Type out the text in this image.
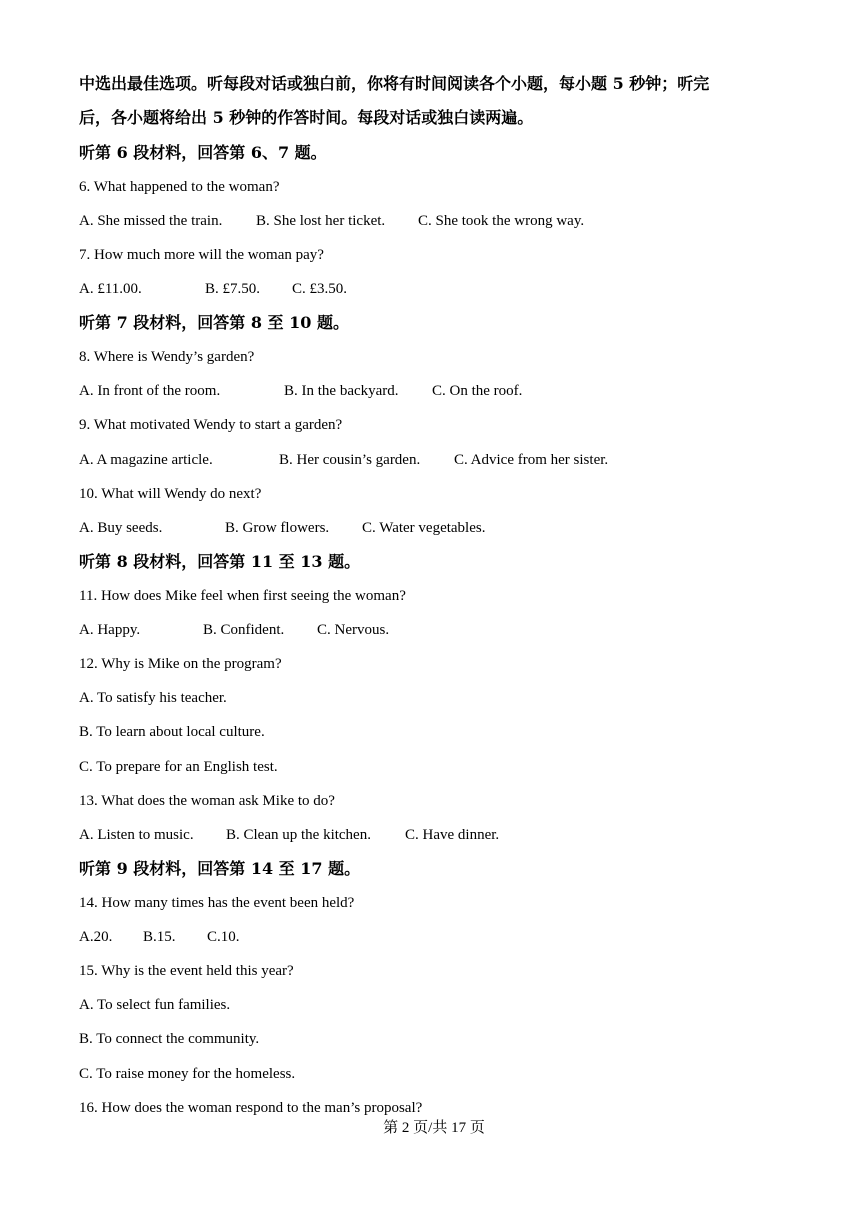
中选出最佳选项。听每段对话或独白前，你将有时间阅读各个小题，每小题 5 秒钟；听完
后，各小题将给出 5 秒钟的作答时间。每段对话或独白读两遍。
听第 6 段材料，回答第 6、7 题。
6. What happened to the woman?
A. She missed the train.	B. She lost her ticket.	C. She took the wrong way.
7. How much more will the woman pay?
A. £11.00.	B. £7.50.	C. £3.50.
听第 7 段材料，回答第 8 至 10 题。
8. Where is Wendy’s garden?
A. In front of the room.	B. In the backyard.	C. On the roof.
9. What motivated Wendy to start a garden?
A. A magazine article.	B. Her cousin’s garden.	C. Advice from her sister.
10. What will Wendy do next?
A. Buy seeds.	B. Grow flowers.	C. Water vegetables.
听第 8 段材料，回答第 11 至 13 题。
11. How does Mike feel when first seeing the woman?
A. Happy.	B. Confident.	C. Nervous.
12. Why is Mike on the program?
A. To satisfy his teacher.
B. To learn about local culture.
C. To prepare for an English test.
13. What does the woman ask Mike to do?
A. Listen to music.	B. Clean up the kitchen.	C. Have dinner.
听第 9 段材料，回答第 14 至 17 题。
14. How many times has the event been held?
A.20.	B.15.	C.10.
15. Why is the event held this year?
A. To select fun families.
B. To connect the community.
C. To raise money for the homeless.
16. How does the woman respond to the man’s proposal?
第 2 页/共 17 页
